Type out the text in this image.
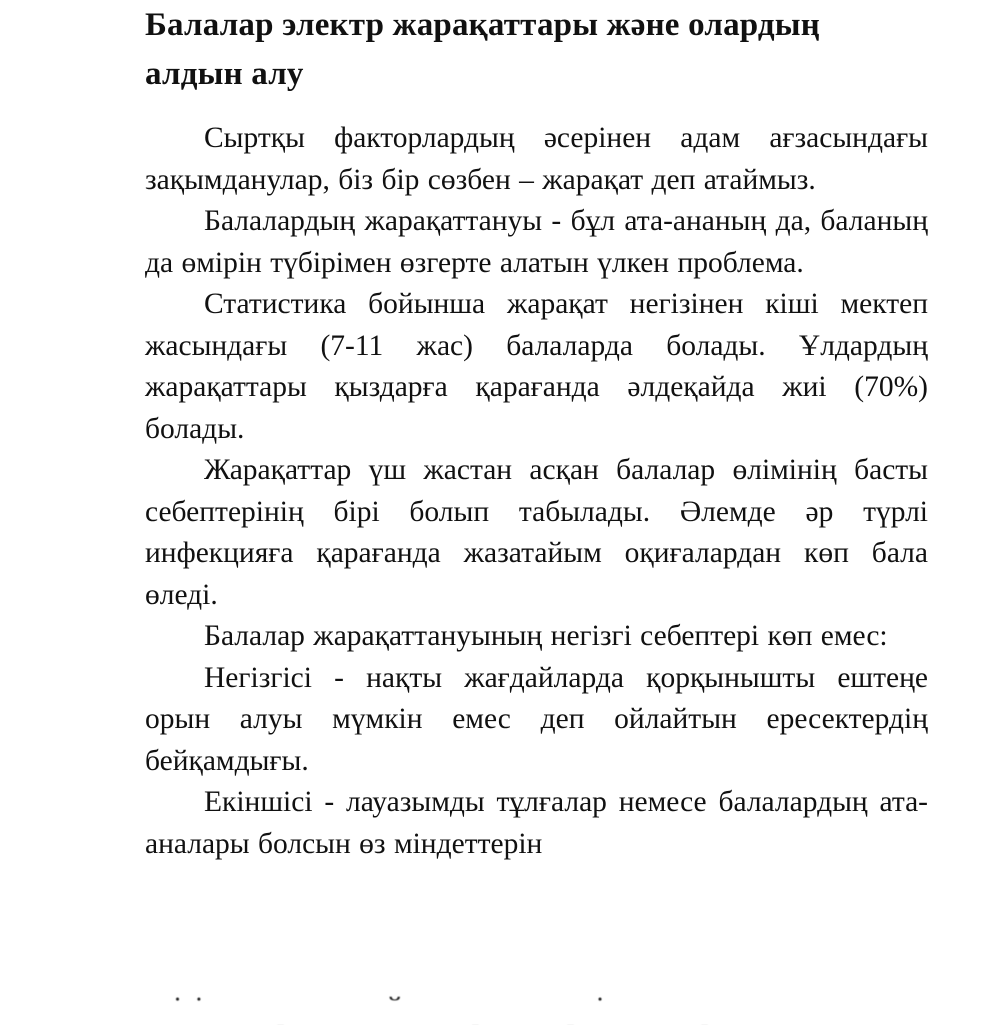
Балалар электр жарақаттары және олардың алдын алу

Сыртқы факторлардың әсерінен адам ағзасындағы зақымданулар, біз бір сөзбен – жарақат деп атаймыз.

Балалардың жарақаттануы - бұл ата-ананың да, баланың да өмірін түбірімен өзгерте алатын үлкен проблема.

Статистика бойынша жарақат негізінен кіші мектеп жасындағы (7-11 жас) балаларда болады. Ұлдардың жарақаттары қыздарға қарағанда әлдеқайда жиі (70%) болады.

Жарақаттар үш жастан асқан балалар өлімінің басты себептерінің бірі болып табылады. Әлемде әр түрлі инфекцияға қарағанда жазатайым оқиғалардан көп бала өледі.

Балалар жарақаттануының негізгі себептері көп емес:

Негізгісі - нақты жағдайларда қорқынышты ештеңе орын алуы мүмкін емес деп ойлайтын ересектердің бейқамдығы.

Екіншісі - лауазымды тұлғалар немесе балалардың ата-аналары болсын өз міндеттерін
